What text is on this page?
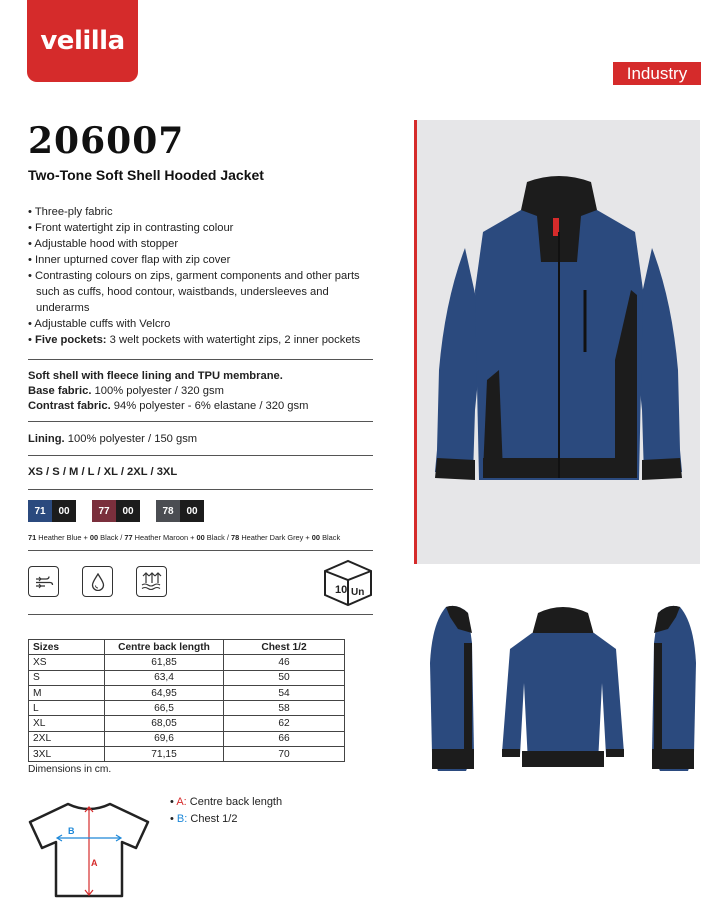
velilla
Industry
206007
Two-Tone Soft Shell Hooded Jacket
• Three-ply fabric
• Front watertight zip in contrasting colour
• Adjustable hood with stopper
• Inner upturned cover flap with zip cover
• Contrasting colours on zips, garment components and other parts such as cuffs, hood contour, waistbands, undersleeves and underarms
• Adjustable cuffs with Velcro
• Five pockets: 3 welt pockets with watertight zips, 2 inner pockets
Soft shell with fleece lining and TPU membrane.
Base fabric. 100% polyester / 320 gsm
Contrast fabric. 94% polyester - 6% elastane / 320 gsm
Lining. 100% polyester / 150 gsm
XS / S / M / L / XL / 2XL / 3XL
71	00	77	00	78	00
71 Heather Blue + 00 Black / 77 Heather Maroon + 00 Black / 78 Heather Dark Grey + 00 Black
10 Un
Sizes	Centre back length	Chest 1/2
XS	61,85	46
S	63,4	50
M	64,95	54
L	66,5	58
XL	68,05	62
2XL	69,6	66
3XL	71,15	70
Dimensions in cm.
B
A
• A: Centre back length
• B: Chest 1/2
